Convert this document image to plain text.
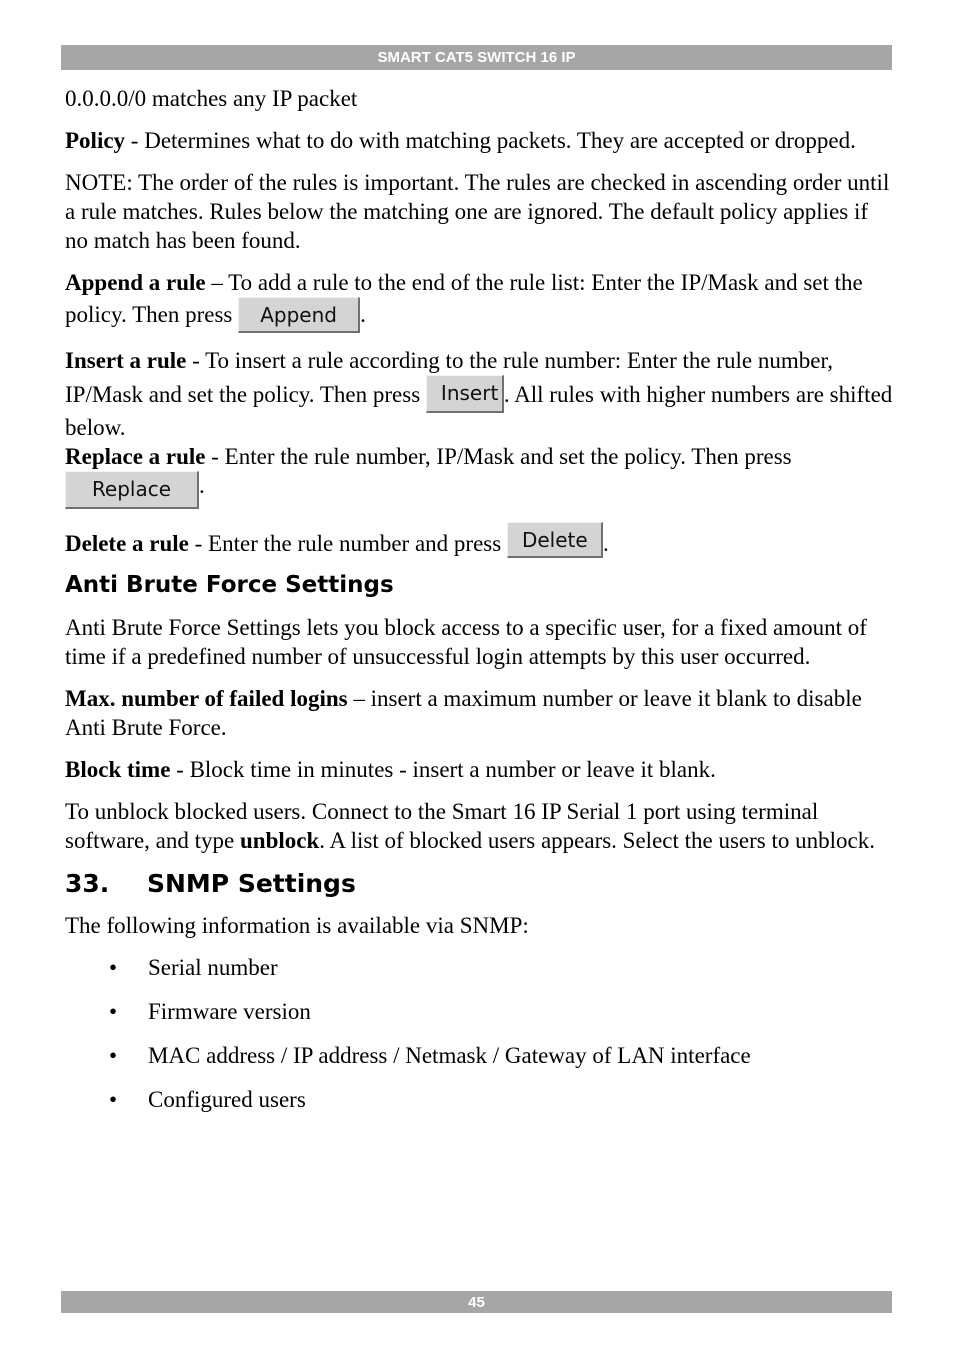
SMART CAT5 SWITCH 16 IP

0.0.0.0/0 matches any IP packet

Policy - Determines what to do with matching packets. They are accepted or dropped.

NOTE: The order of the rules is important. The rules are checked in ascending order until a rule matches. Rules below the matching one are ignored. The default policy applies if no match has been found.

Append a rule – To add a rule to the end of the rule list: Enter the IP/Mask and set the policy. Then press Append .

Insert a rule - To insert a rule according to the rule number: Enter the rule number, IP/Mask and set the policy. Then press Insert . All rules with higher numbers are shifted below.

Replace a rule - Enter the rule number, IP/Mask and set the policy. Then press Replace .

Delete a rule - Enter the rule number and press Delete .

Anti Brute Force Settings

Anti Brute Force Settings lets you block access to a specific user, for a fixed amount of time if a predefined number of unsuccessful login attempts by this user occurred.

Max. number of failed logins – insert a maximum number or leave it blank to disable Anti Brute Force.

Block time - Block time in minutes - insert a number or leave it blank.

To unblock blocked users. Connect to the Smart 16 IP Serial 1 port using terminal software, and type unblock. A list of blocked users appears. Select the users to unblock.

33.	SNMP Settings

The following information is available via SNMP:

• Serial number
• Firmware version
• MAC address / IP address / Netmask / Gateway of LAN interface
• Configured users
45
